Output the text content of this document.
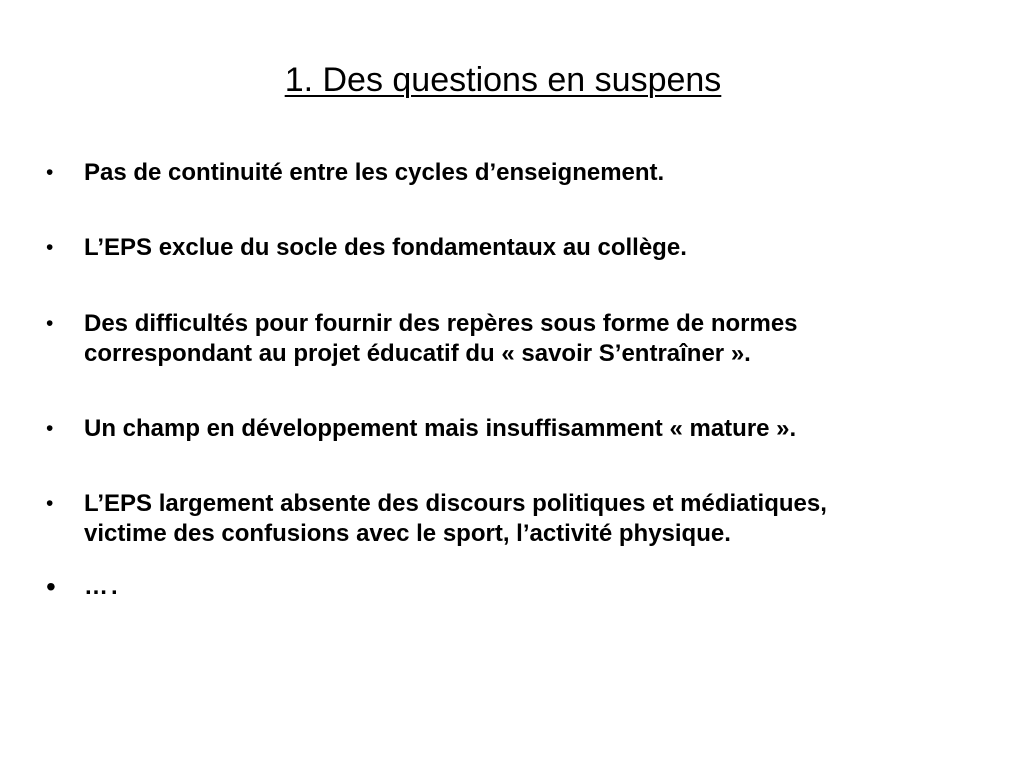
1. Des questions en suspens
• Pas de continuité entre les cycles d’enseignement.
• L’EPS exclue du socle des fondamentaux au collège.
• Des difficultés pour fournir des repères sous forme de normes
correspondant au projet éducatif du « savoir S’entraîner ».
• Un champ en développement mais insuffisamment « mature ».
• L’EPS largement absente des discours politiques et médiatiques,
victime des confusions avec le sport, l’activité physique.
• ….
